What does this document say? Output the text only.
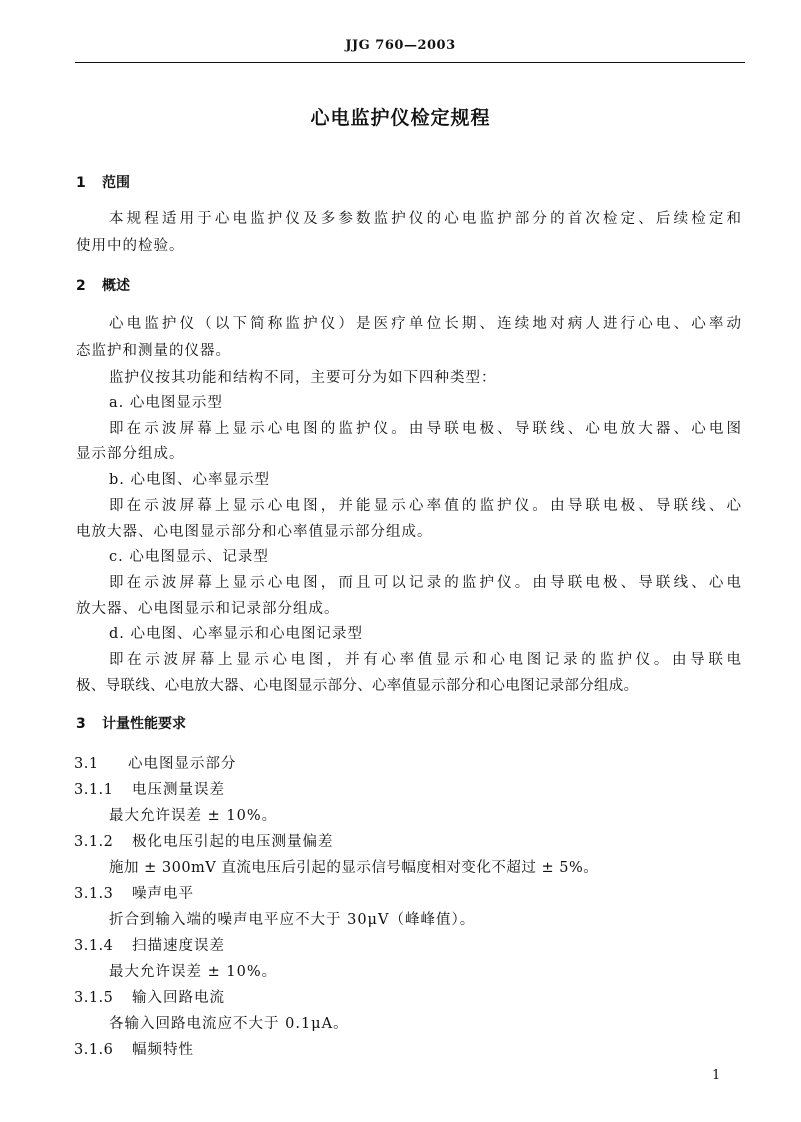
JJG 760—2003
心电监护仪检定规程
1 范围
本规程适用于心电监护仪及多参数监护仪的心电监护部分的首次检定、后续检定和
使用中的检验。
2 概述
心电监护仪（以下简称监护仪）是医疗单位长期、连续地对病人进行心电、心率动
态监护和测量的仪器。
监护仪按其功能和结构不同，主要可分为如下四种类型：
a. 心电图显示型
即在示波屏幕上显示心电图的监护仪。由导联电极、导联线、心电放大器、心电图
显示部分组成。
b. 心电图、心率显示型
即在示波屏幕上显示心电图，并能显示心率值的监护仪。由导联电极、导联线、心
电放大器、心电图显示部分和心率值显示部分组成。
c. 心电图显示、记录型
即在示波屏幕上显示心电图，而且可以记录的监护仪。由导联电极、导联线、心电
放大器、心电图显示和记录部分组成。
d. 心电图、心率显示和心电图记录型
即在示波屏幕上显示心电图，并有心率值显示和心电图记录的监护仪。由导联电
极、导联线、心电放大器、心电图显示部分、心率值显示部分和心电图记录部分组成。
3 计量性能要求
3.1 心电图显示部分
3.1.1 电压测量误差
最大允许误差 ± 10%。
3.1.2 极化电压引起的电压测量偏差
施加 ± 300mV 直流电压后引起的显示信号幅度相对变化不超过 ± 5%。
3.1.3 噪声电平
折合到输入端的噪声电平应不大于 30μV（峰峰值）。
3.1.4 扫描速度误差
最大允许误差 ± 10%。
3.1.5 输入回路电流
各输入回路电流应不大于 0.1μA。
3.1.6 幅频特性
1
